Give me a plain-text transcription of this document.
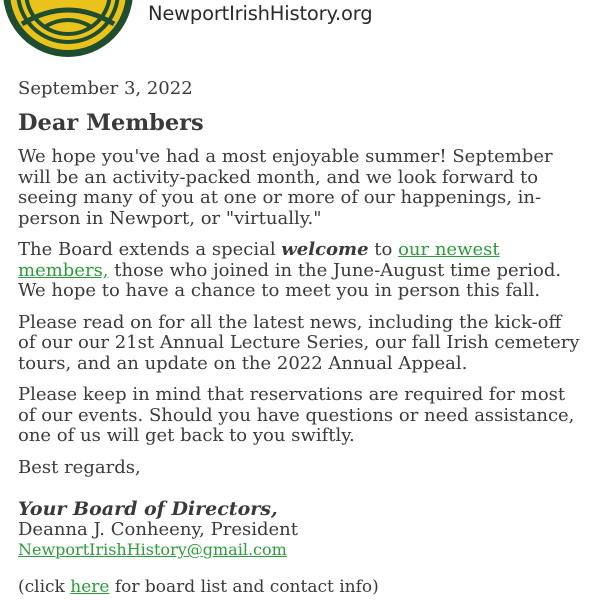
NewportIrishHistory.org
September 3, 2022
Dear Members

We hope you've had a most enjoyable summer! September will be an activity-packed month, and we look forward to seeing many of you at one or more of our happenings, in-person in Newport, or "virtually."

The Board extends a special welcome to our newest members, those who joined in the June-August time period. We hope to have a chance to meet you in person this fall.

Please read on for all the latest news, including the kick-off of our our 21st Annual Lecture Series, our fall Irish cemetery tours, and an update on the 2022 Annual Appeal.

Please keep in mind that reservations are required for most of our events. Should you have questions or need assistance, one of us will get back to you swiftly.

Best regards,

Your Board of Directors,
Deanna J. Conheeny, President
NewportIrishHistory@gmail.com
(click here for board list and contact info)
